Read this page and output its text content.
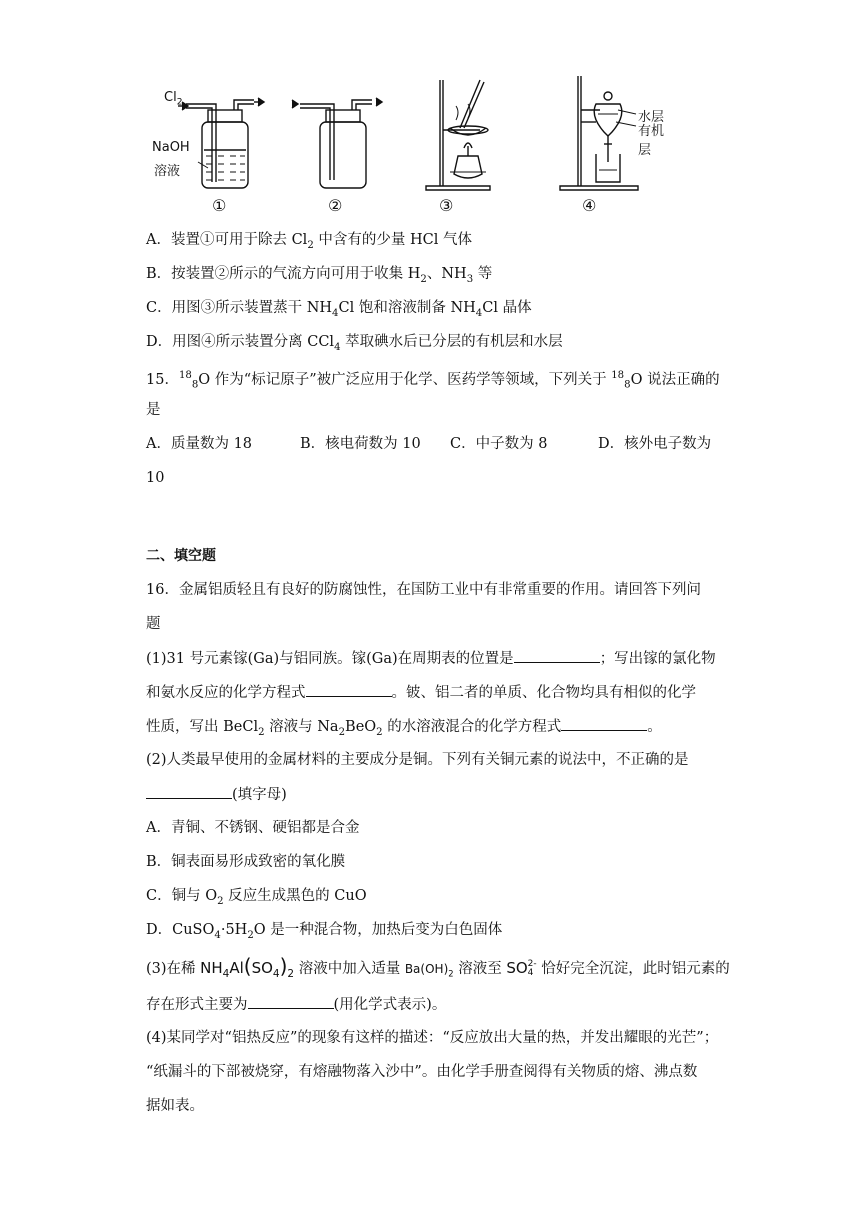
$Cl_2$
NaOH
溶液
水层
有机层
①	②	③	④
A．装置①可用于除去 $Cl_2$ 中含有的少量 HCl 气体
B．按装置②所示的气流方向可用于收集 $H_2$、$NH_3$ 等
C．用图③所示装置蒸干 $NH_4Cl$ 饱和溶液制备 $NH_4Cl$ 晶体
D．用图④所示装置分离 CCl$_4$ 萃取碘水后已分层的有机层和水层
15．$^{18}_8$O 作为“标记原子”被广泛应用于化学、医药学等领域，下列关于 $^{18}_8$O 说法正确的
是
A．质量数为 18	B．核电荷数为 10 C．中子数为 8	D．核外电子数为
10
二、填空题
16．金属铝质轻且有良好的防腐蚀性，在国防工业中有非常重要的作用。请回答下列问
题
(1)31 号元素镓(Ga)与铝同族。镓(Ga)在周期表的位置是	；写出镓的氯化物
和氨水反应的化学方程式	。铍、铝二者的单质、化合物均具有相似的化学
性质，写出 BeCl$_2$ 溶液与 $Na_2BeO_2$ 的水溶液混合的化学方程式	。
(2)人类最早使用的金属材料的主要成分是铜。下列有关铜元素的说法中，不正确的是
(填字母)
A．青铜、不锈钢、硬铝都是合金
B．铜表面易形成致密的氧化膜
C．铜与 $O_2$ 反应生成黑色的 CuO
D．$CuSO_4\cdot 5H_2O$ 是一种混合物，加热后变为白色固体
(3)在稀 $NH_4Al(SO_4)_2$ 溶液中加入适量 $Ba(OH)_2$ 溶液至 SO 2-
4 恰好完全沉淀，此时铝元素的
存在形式主要为	(用化学式表示)。
(4)某同学对“铝热反应”的现象有这样的描述：“反应放出大量的热，并发出耀眼的光芒”；
“纸漏斗的下部被烧穿，有熔融物落入沙中”。由化学手册查阅得有关物质的熔、沸点数
据如表。
